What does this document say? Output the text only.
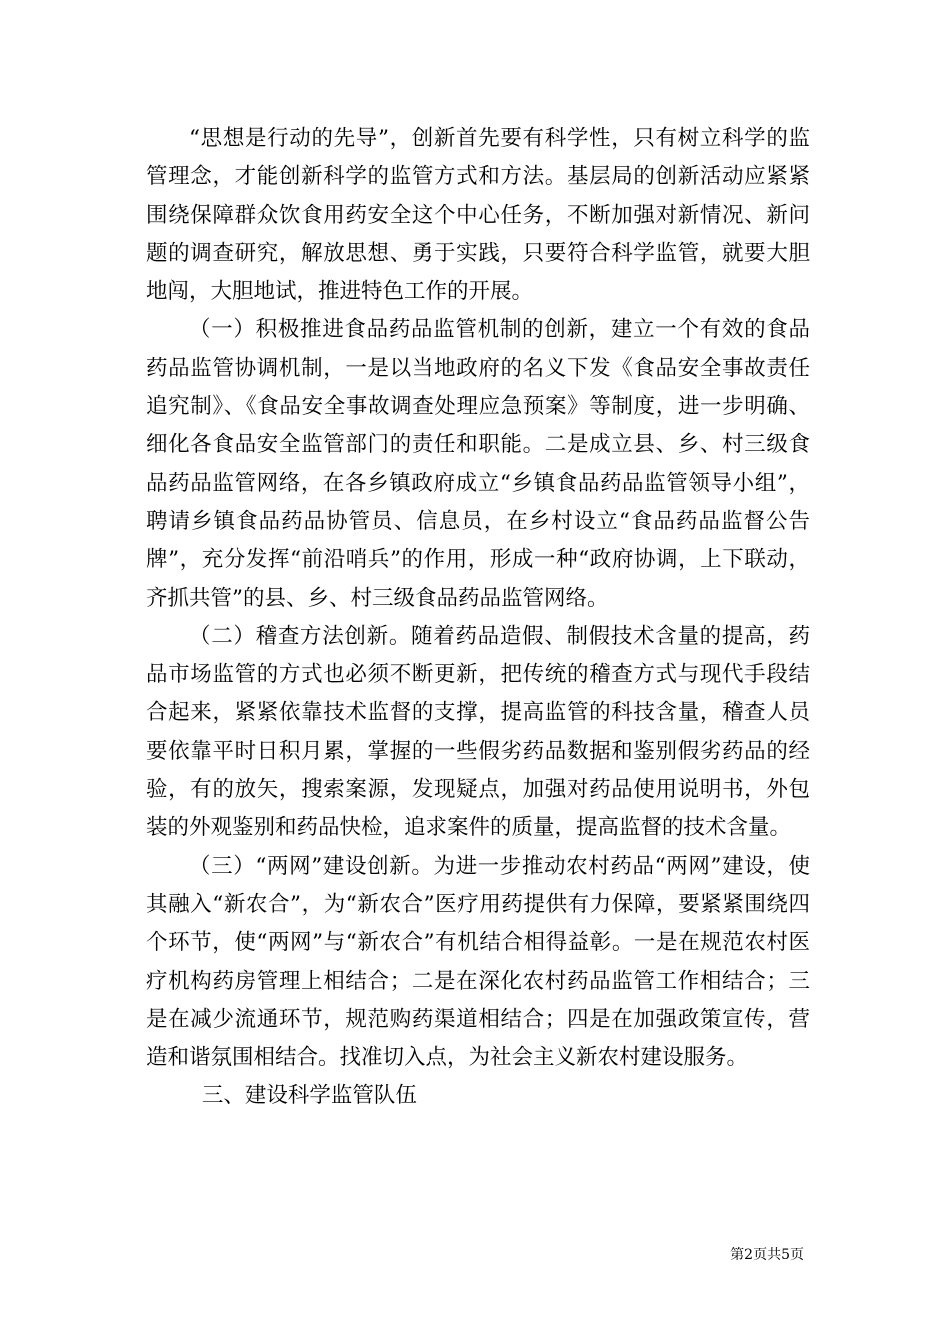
“思想是行动的先导”，创新首先要有科学性，只有树立科学的监管理念，才能创新科学的监管方式和方法。基层局的创新活动应紧紧围绕保障群众饮食用药安全这个中心任务，不断加强对新情况、新问题的调查研究，解放思想、勇于实践，只要符合科学监管，就要大胆地闯，大胆地试，推进特色工作的开展。

（一）积极推进食品药品监管机制的创新，建立一个有效的食品药品监管协调机制，一是以当地政府的名义下发《食品安全事故责任追究制》、《食品安全事故调查处理应急预案》等制度，进一步明确、细化各食品安全监管部门的责任和职能。二是成立县、乡、村三级食品药品监管网络，在各乡镇政府成立“乡镇食品药品监管领导小组”，聘请乡镇食品药品协管员、信息员，在乡村设立“食品药品监督公告牌”，充分发挥“前沿哨兵”的作用，形成一种“政府协调，上下联动，齐抓共管”的县、乡、村三级食品药品监管网络。

（二）稽查方法创新。随着药品造假、制假技术含量的提高，药品市场监管的方式也必须不断更新，把传统的稽查方式与现代手段结合起来，紧紧依靠技术监督的支撑，提高监管的科技含量，稽查人员要依靠平时日积月累，掌握的一些假劣药品数据和鉴别假劣药品的经验，有的放矢，搜索案源，发现疑点，加强对药品使用说明书，外包装的外观鉴别和药品快检，追求案件的质量，提高监督的技术含量。

（三）“两网”建设创新。为进一步推动农村药品“两网”建设，使其融入“新农合”，为“新农合”医疗用药提供有力保障，要紧紧围绕四个环节，使“两网”与“新农合”有机结合相得益彰。一是在规范农村医疗机构药房管理上相结合；二是在深化农村药品监管工作相结合；三是在减少流通环节，规范购药渠道相结合；四是在加强政策宣传，营造和谐氛围相结合。找准切入点，为社会主义新农村建设服务。

三、建设科学监管队伍

第2页共5页
